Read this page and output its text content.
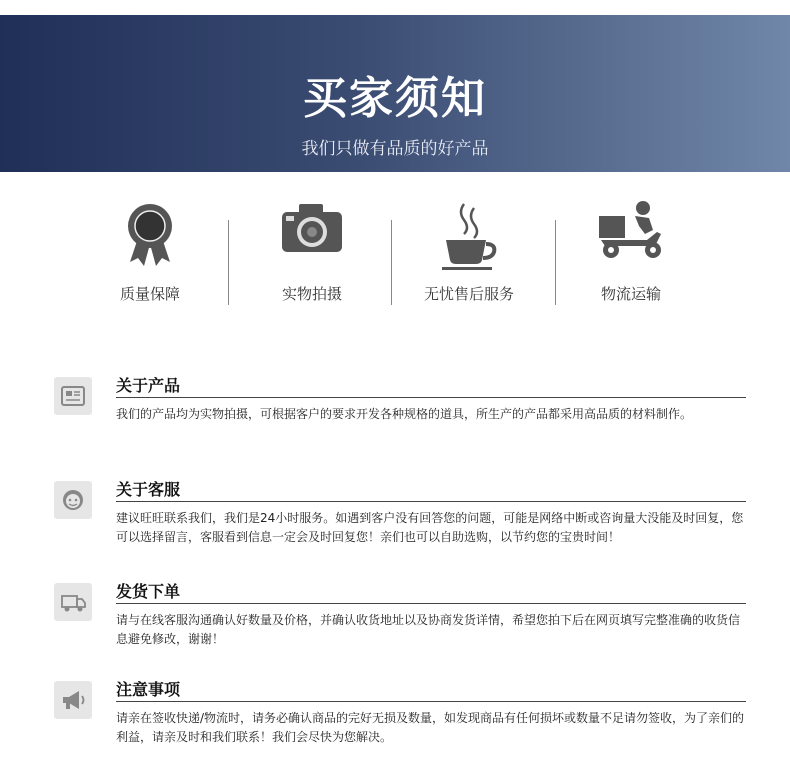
买家须知
我们只做有品质的好产品
质量保障	实物拍摄	无忧售后服务	物流运输
关于产品
我们的产品均为实物拍摄，可根据客户的要求开发各种规格的道具，所生产的产品都采用高品质的材料制作。
关于客服
建议旺旺联系我们，我们是24小时服务。如遇到客户没有回答您的问题，可能是网络中断或咨询量大没能及时回复，您可以选择留言，客服看到信息一定会及时回复您！亲们也可以自助选购，以节约您的宝贵时间！
发货下单
请与在线客服沟通确认好数量及价格，并确认收货地址以及协商发货详情，希望您拍下后在网页填写完整准确的收货信息避免修改，谢谢！
注意事项
请亲在签收快递/物流时，请务必确认商品的完好无损及数量，如发现商品有任何损坏或数量不足请勿签收，为了亲们的利益，请亲及时和我们联系！我们会尽快为您解决。
